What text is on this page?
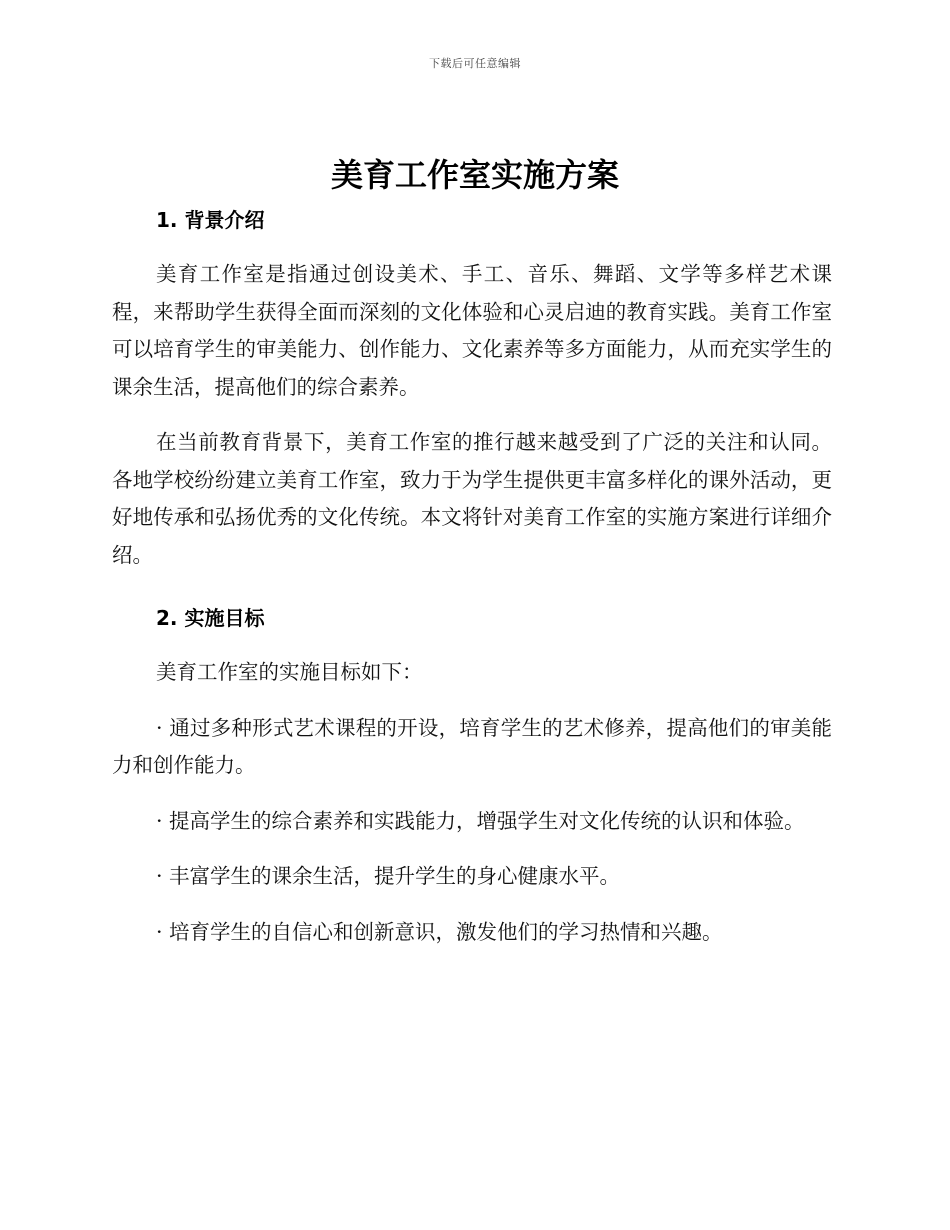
下载后可任意编辑
美育工作室实施方案
1. 背景介绍

美育工作室是指通过创设美术、手工、音乐、舞蹈、文学等多样艺术课程，来帮助学生获得全面而深刻的文化体验和心灵启迪的教育实践。美育工作室可以培育学生的审美能力、创作能力、文化素养等多方面能力，从而充实学生的课余生活，提高他们的综合素养。

在当前教育背景下，美育工作室的推行越来越受到了广泛的关注和认同。各地学校纷纷建立美育工作室，致力于为学生提供更丰富多样化的课外活动，更好地传承和弘扬优秀的文化传统。本文将针对美育工作室的实施方案进行详细介绍。

2. 实施目标

美育工作室的实施目标如下：

· 通过多种形式艺术课程的开设，培育学生的艺术修养，提高他们的审美能力和创作能力。

· 提高学生的综合素养和实践能力，增强学生对文化传统的认识和体验。

· 丰富学生的课余生活，提升学生的身心健康水平。

· 培育学生的自信心和创新意识，激发他们的学习热情和兴趣。
